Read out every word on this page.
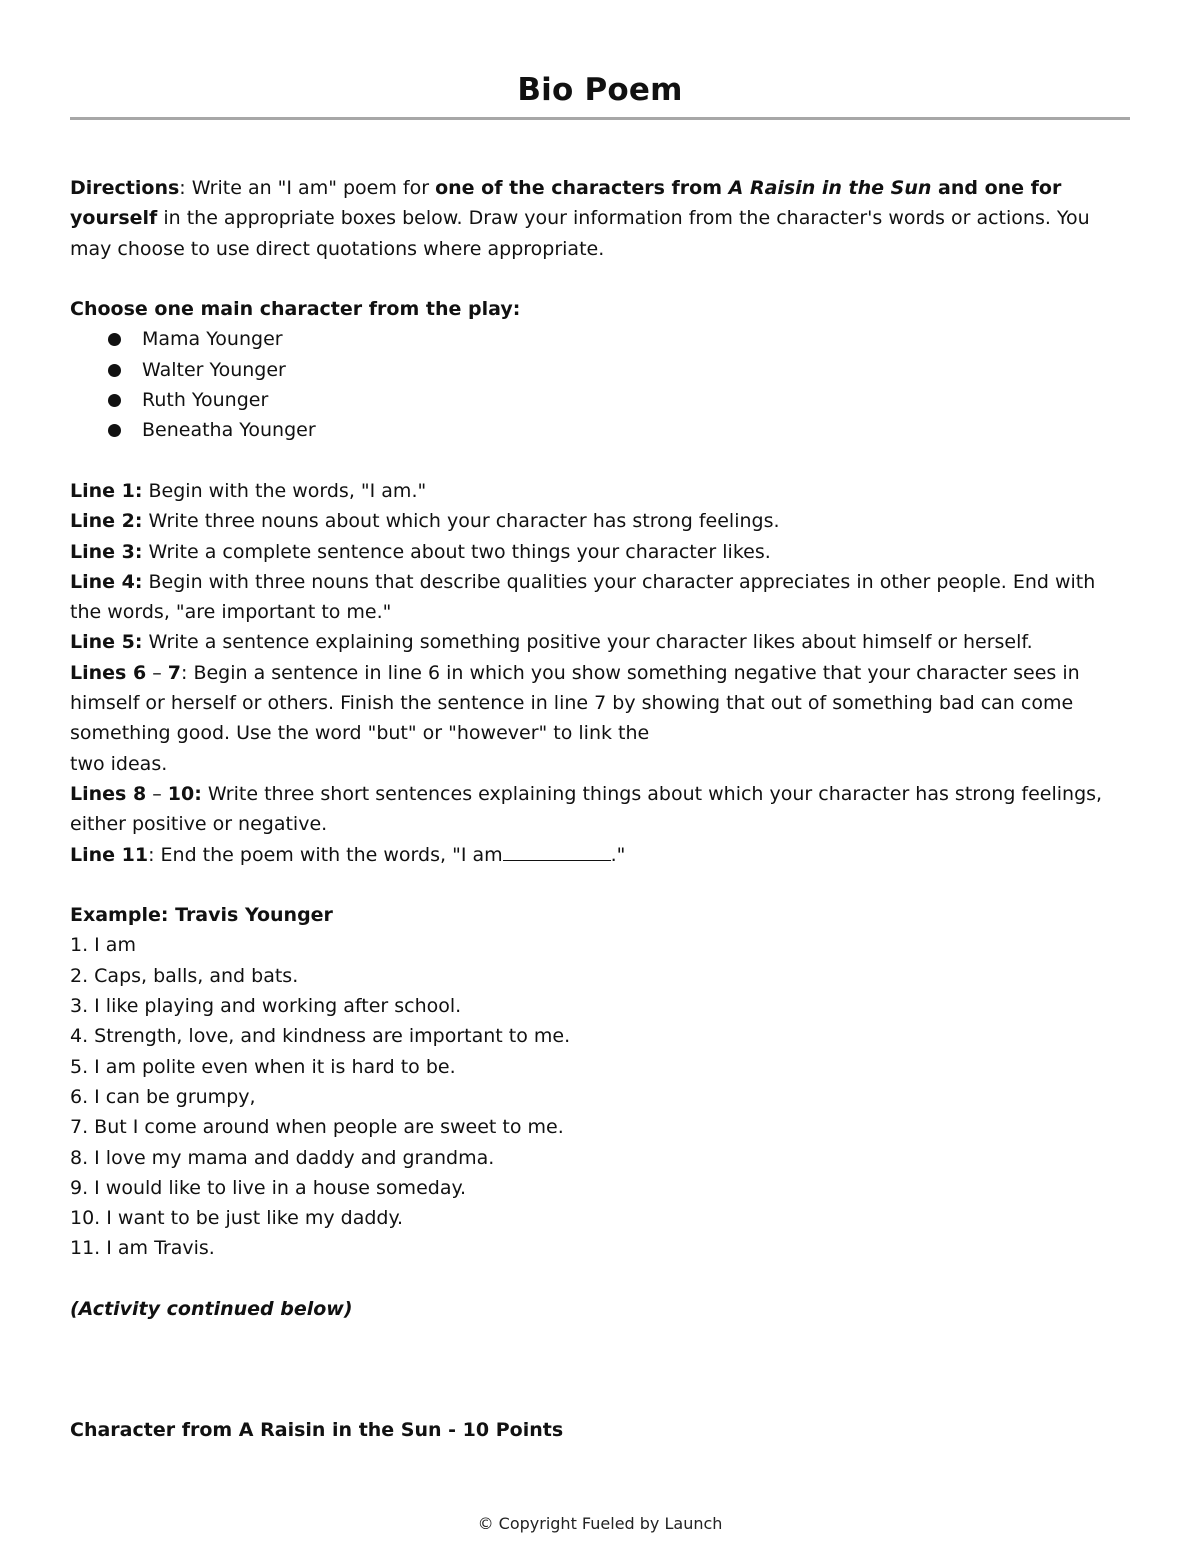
Bio Poem

Directions: Write an "I am" poem for one of the characters from A Raisin in the Sun and one for yourself in the appropriate boxes below. Draw your information from the character's words or actions. You may choose to use direct quotations where appropriate.

Choose one main character from the play:

Mama Younger
Walter Younger
Ruth Younger
Beneatha Younger

Line 1: Begin with the words, "I am."

Line 2: Write three nouns about which your character has strong feelings.

Line 3: Write a complete sentence about two things your character likes.

Line 4: Begin with three nouns that describe qualities your character appreciates in other people. End with the words, "are important to me."

Line 5: Write a sentence explaining something positive your character likes about himself or herself.

Lines 6 – 7: Begin a sentence in line 6 in which you show something negative that your character sees in himself or herself or others. Finish the sentence in line 7 by showing that out of something bad can come something good. Use the word "but" or "however" to link the
two ideas.

Lines 8 – 10: Write three short sentences explaining things about which your character has strong feelings, either positive or negative.

Line 11: End the poem with the words, "I am	."

Example: Travis Younger

1. I am

2. Caps, balls, and bats.

3. I like playing and working after school.

4. Strength, love, and kindness are important to me.

5. I am polite even when it is hard to be.

6. I can be grumpy,

7. But I come around when people are sweet to me.

8. I love my mama and daddy and grandma.

9. I would like to live in a house someday.

10. I want to be just like my daddy.

11. I am Travis.

(Activity continued below)

Character from A Raisin in the Sun - 10 Points

© Copyright Fueled by Launch
